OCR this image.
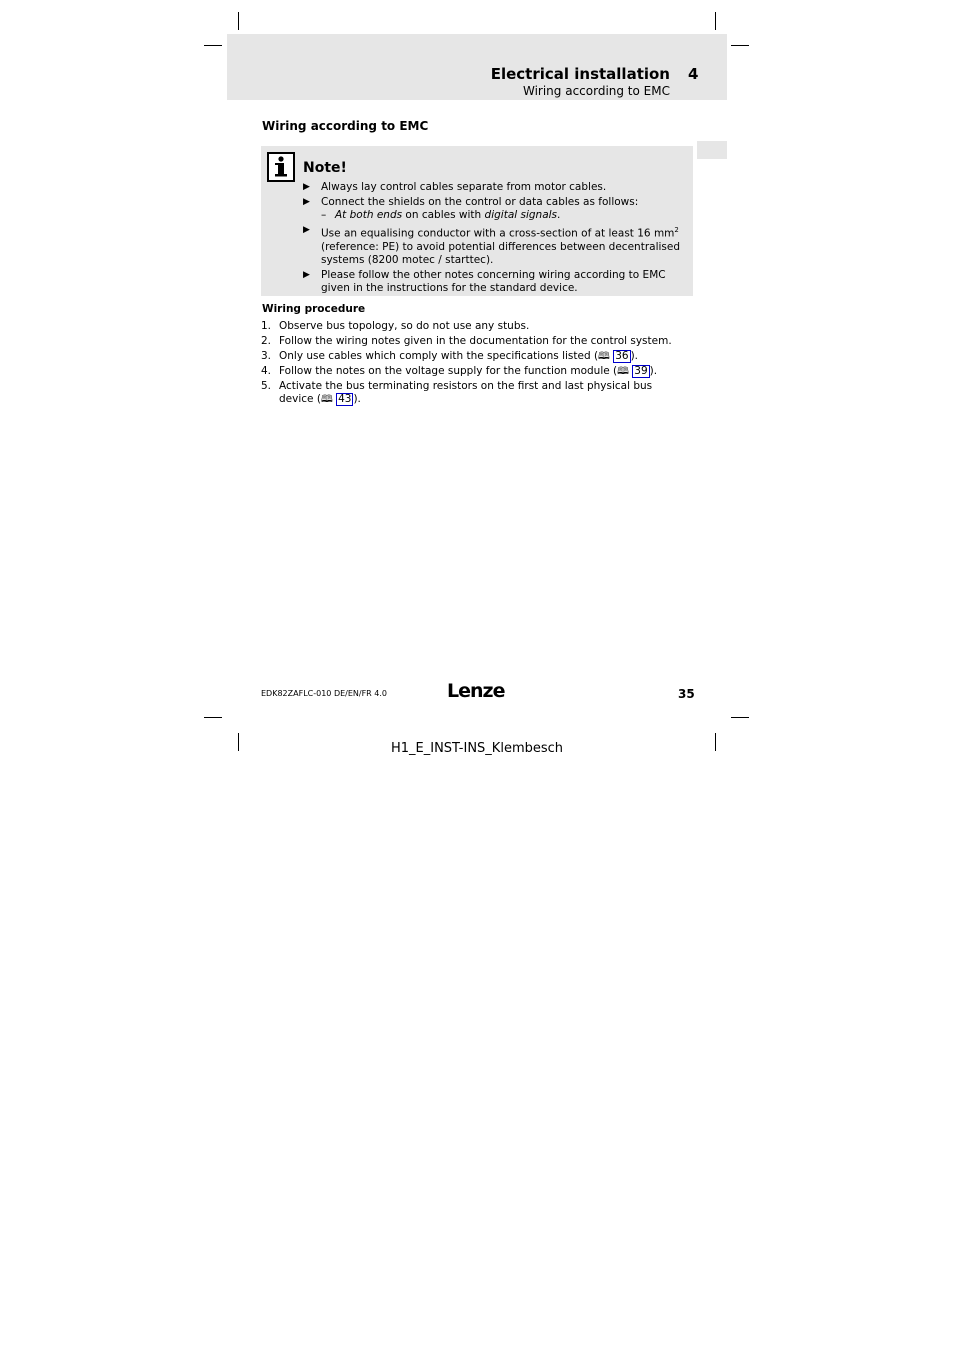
Electrical installation 4
Wiring according to EMC
Wiring according to EMC
Note!
▶ Always lay control cables separate from motor cables.
▶ Connect the shields on the control or data cables as follows:
– At both ends on cables with digital signals.
▶ Use an equalising conductor with a cross-section of at least 16 $mm^2$ (reference: PE) to avoid potential differences between decentralised systems (8200 motec / starttec).
▶ Please follow the other notes concerning wiring according to EMC given in the instructions for the standard device.
Wiring procedure
1. Observe bus topology, so do not use any stubs.
2. Follow the wiring notes given in the documentation for the control system.
3. Only use cables which comply with the specifications listed (🕮 36 ).
4. Follow the notes on the voltage supply for the function module (🕮 39 ).
5. Activate the bus terminating resistors on the first and last physical bus device (🕮 43 ).
EDK82ZAFLC-010 DE/EN/FR 4.0	Lenze	35
H1_E_INST-INS_Klembesch
